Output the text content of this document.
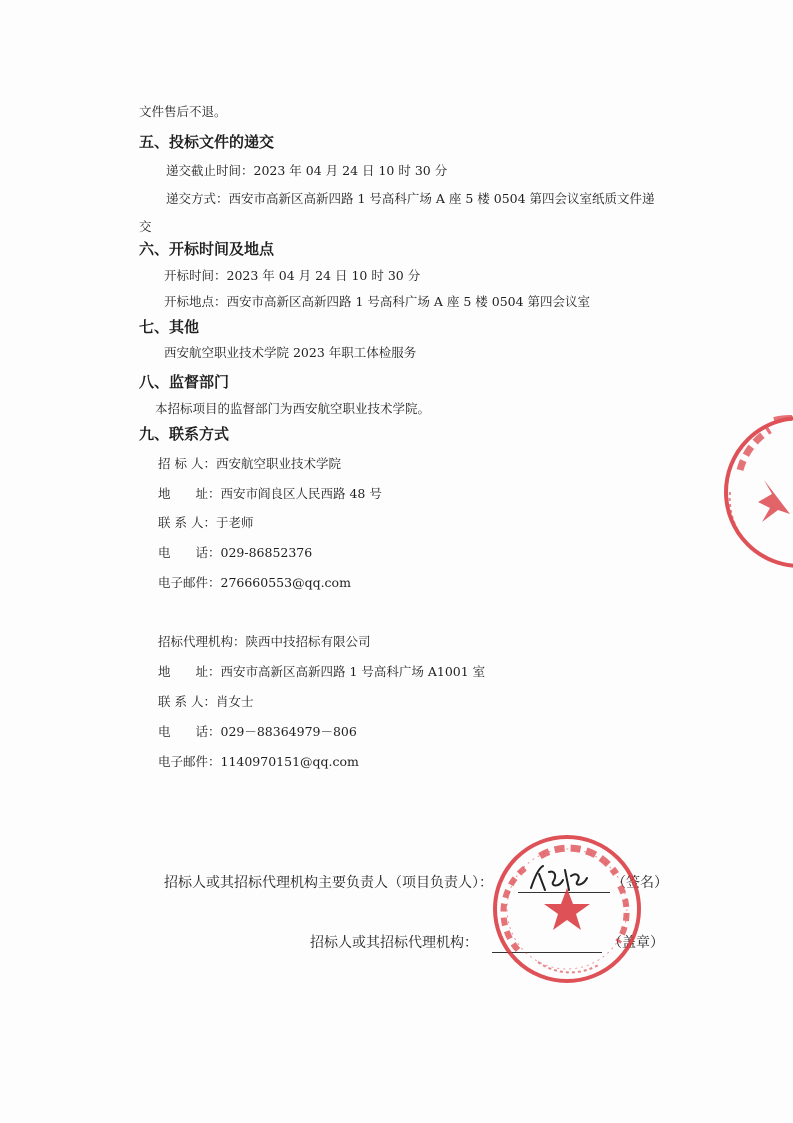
文件售后不退。
五、投标文件的递交
递交截止时间：2023 年 04 月 24 日 10 时 30 分
递交方式：西安市高新区高新四路 1 号高科广场 A 座 5 楼 0504 第四会议室纸质文件递
交
六、开标时间及地点
开标时间：2023 年 04 月 24 日 10 时 30 分
开标地点：西安市高新区高新四路 1 号高科广场 A 座 5 楼 0504 第四会议室
七、其他
西安航空职业技术学院 2023 年职工体检服务
八、监督部门
本招标项目的监督部门为西安航空职业技术学院。
九、联系方式
招 标 人：西安航空职业技术学院
地　　址：西安市阎良区人民西路 48 号
联 系 人：于老师
电　　话：029-86852376
电子邮件：276660553@qq.com
招标代理机构：陕西中技招标有限公司
地　　址：西安市高新区高新四路 1 号高科广场 A1001 室
联 系 人：肖女士
电　　话：029－88364979－806
电子邮件：1140970151@qq.com
招标人或其招标代理机构主要负责人（项目负责人）：	（签名）
招标人或其招标代理机构：	（盖章）
